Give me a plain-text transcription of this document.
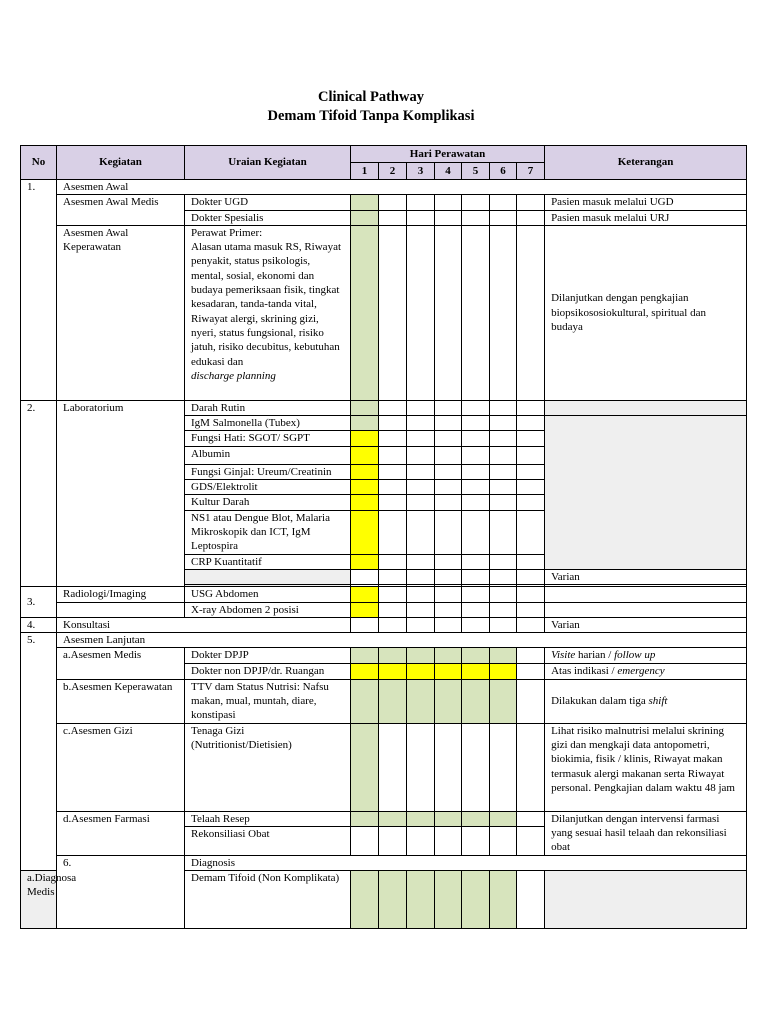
Clinical Pathway
Demam Tifoid Tanpa Komplikasi
No	Kegiatan	Uraian Kegiatan	Hari Perawatan							Keterangan
			1	2	3	4	5	6	7	
1.	Asesmen Awal									
	Asesmen Awal Medis	Dokter UGD								Pasien masuk melalui UGD
		Dokter Spesialis								Pasien masuk melalui URJ
	Asesmen Awal Keperawatan	Perawat Primer:
Alasan utama masuk RS, Riwayat penyakit, status psikologis, mental, sosial, ekonomi dan budaya pemeriksaan fisik, tingkat kesadaran, tanda-tanda vital, Riwayat alergi, skrining gizi, nyeri, status fungsional, risiko jatuh, risiko decubitus, kebutuhan edukasi dan
discharge planning								Dilanjutkan dengan pengkajian biopsikososiokultural, spiritual dan budaya
2.	Laboratorium	Darah Rutin								
		IgM Salmonella (Tubex)								
		Fungsi Hati: SGOT/ SGPT								
		Albumin								
		Fungsi Ginjal: Ureum/Creatinin								
		GDS/Elektrolit								
		Kultur Darah								
		NS1 atau Dengue Blot, Malaria Mikroskopik dan ICT, IgM Leptospira								
		CRP Kuantitatif								
										Varian

3.	Radiologi/Imaging	USG Abdomen								
		X-ray Abdomen 2 posisi								
4.	Konsultasi									Varian
5.	Asesmen Lanjutan									
	a.Asesmen Medis	Dokter DPJP								Visite harian / follow up
		Dokter non DPJP/dr. Ruangan								Atas indikasi / emergency
	b.Asesmen Keperawatan	TTV dam Status Nutrisi: Nafsu makan, mual, muntah, diare, konstipasi								Dilakukan dalam tiga shift
	c.Asesmen Gizi	Tenaga Gizi (Nutritionist/Dietisien)								Lihat risiko malnutrisi melalui skrining gizi dan mengkaji data antopometri, biokimia, fisik / klinis, Riwayat makan termasuk alergi makanan serta Riwayat personal. Pengkajian dalam waktu 48 jam
	d.Asesmen Farmasi	Telaah Resep								Dilanjutkan dengan intervensi farmasi yang sesuai hasil telaah dan rekonsiliasi obat
		Rekonsiliasi Obat								
	6.	Diagnosis								
a.Diagnosa Medis		Demam Tifoid (Non Komplikata)								
